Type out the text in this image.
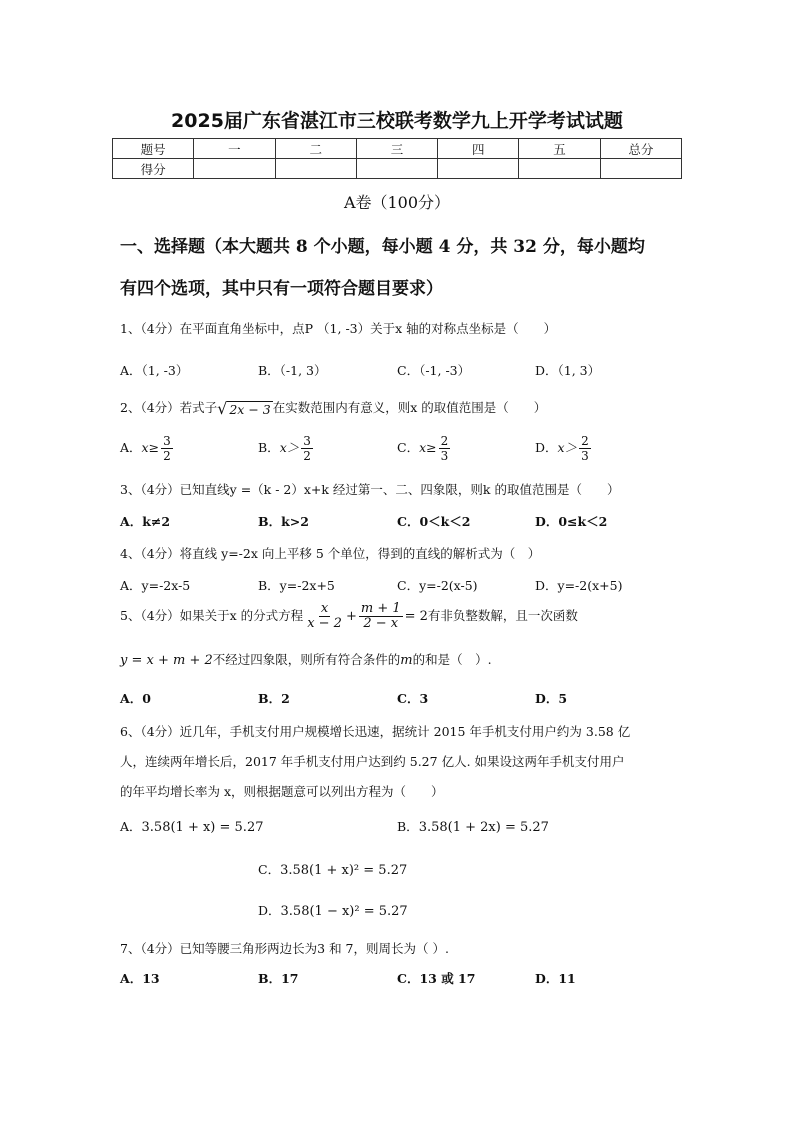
2025届广东省湛江市三校联考数学九上开学考试试题
题号	一	二	三	四	五	总分
得分						
A卷（100分）
一、选择题（本大题共 8 个小题，每小题 4 分，共 32 分，每小题均
有四个选项，其中只有一项符合题目要求）
1、（4分）在平面直角坐标中，点P （1, -3）关于x 轴的对称点坐标是（　　）
A．（1, -3）	B．（-1, 3）	C．（-1, -3）	D．（1, 3）
2、（4分）若式子√ 2x − 3 在实数范围内有意义，则x 的取值范围是（　　）
A．$x\ge \frac{3}{2}$	B．$x> \frac{3}{2}$	C．$x\ge \frac{2}{3}$	D．$x> \frac{2}{3}$
3、（4分）已知直线y =（k - 2）x+k 经过第一、二、四象限，则k 的取值范围是（　　）
A．k≠2	B．k>2	C．0＜k＜2	D．0≤k＜2
4、（4分）将直线 y=-2x 向上平移 5 个单位，得到的直线的解析式为（　）
A．y=-2x-5	B．y=-2x+5	C．y=-2(x-5)	D．y=-2(x+5)
5、（4分）如果关于x 的分式方程 $\frac{x}{x - 2} + \frac{m + 1}{2 - x} = 2$有非负整数解，且一次函数
y = x + m + 2不经过四象限，则所有符合条件的m的和是（　）.
A．0	B．2	C．3	D．5
6、（4分）近几年，手机支付用户规模增长迅速，据统计 2015 年手机支付用户约为 3.58 亿
人，连续两年增长后，2017 年手机支付用户达到约 5.27 亿人. 如果设这两年手机支付用户
的年平均增长率为 x，则根据题意可以列出方程为（　　）
A．3.58(1 + x) = 5.27	B．3.58(1 + 2x) = 5.27
C．3.58(1 + x)² = 5.27
D．3.58(1 − x)² = 5.27
7、（4分）已知等腰三角形两边长为3 和 7，则周长为（ ）.
A．13	B．17	C．13 或 17	D．11
